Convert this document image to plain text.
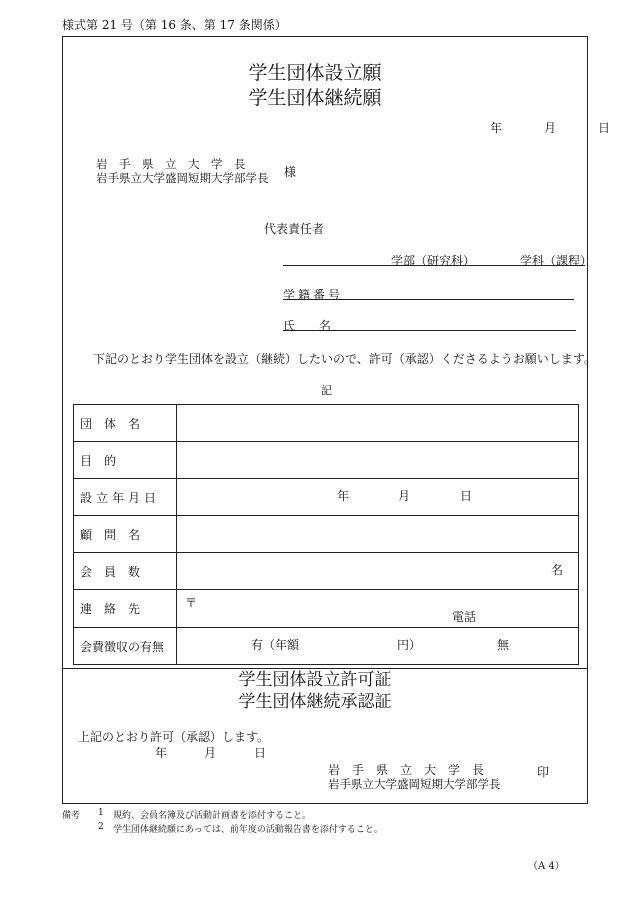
様式第 21 号（第 16 条、第 17 条関係）
学生団体設立願
学生団体継続願
年	月	日
岩　手　県　立　大　学　長
岩手県立大学盛岡短期大学部学長 様
代表責任者
学部（研究科）	学科（課程）
学籍番号
氏　　名
下記のとおり学生団体を設立（継続）したいので、許可（承認）くださるようお願いします。
記
団　体　名	

目　的	

設立年月日	年 月 日

顧　問　名	

会　員　数	名

連　絡　先	〒
電話

会費徴収の有無	有（年額 円） 無
学生団体設立許可証
学生団体継続承認証
上記のとおり許可（承認）します。
年	月	日
岩　手　県　立　大　学　長	印
岩手県立大学盛岡短期大学部学長
備考 1 規約、会員名簿及び活動計画書を添付すること。
2 学生団体継続願にあっては、前年度の活動報告書を添付すること。
（A 4）
